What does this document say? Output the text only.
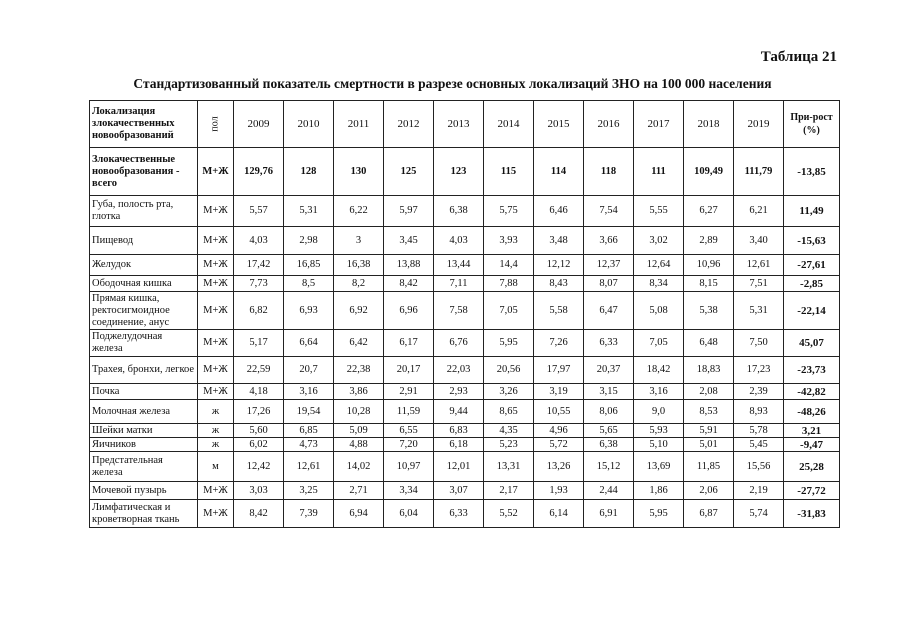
Таблица 21
Стандартизованный показатель смертности в разрезе основных локализаций ЗНО на 100 000 населения
Локализация злокачественных новообразований	пол	2009	2010	2011	2012	2013	2014	2015	2016	2017	2018	2019	При-рост (%)
Злокачественные новообразования - всего	М+Ж	129,76	128	130	125	123	115	114	118	111	109,49	111,79	-13,85
Губа, полость рта, глотка	М+Ж	5,57	5,31	6,22	5,97	6,38	5,75	6,46	7,54	5,55	6,27	6,21	11,49
Пищевод	М+Ж	4,03	2,98	3	3,45	4,03	3,93	3,48	3,66	3,02	2,89	3,40	-15,63
Желудок	М+Ж	17,42	16,85	16,38	13,88	13,44	14,4	12,12	12,37	12,64	10,96	12,61	-27,61
Ободочная кишка	М+Ж	7,73	8,5	8,2	8,42	7,11	7,88	8,43	8,07	8,34	8,15	7,51	-2,85
Прямая кишка, ректосигмоидное соединение, анус	М+Ж	6,82	6,93	6,92	6,96	7,58	7,05	5,58	6,47	5,08	5,38	5,31	-22,14
Поджелудочная железа	М+Ж	5,17	6,64	6,42	6,17	6,76	5,95	7,26	6,33	7,05	6,48	7,50	45,07
Трахея, бронхи, легкое	М+Ж	22,59	20,7	22,38	20,17	22,03	20,56	17,97	20,37	18,42	18,83	17,23	-23,73
Почка	М+Ж	4,18	3,16	3,86	2,91	2,93	3,26	3,19	3,15	3,16	2,08	2,39	-42,82
Молочная железа	ж	17,26	19,54	10,28	11,59	9,44	8,65	10,55	8,06	9,0	8,53	8,93	-48,26
Шейки матки	ж	5,60	6,85	5,09	6,55	6,83	4,35	4,96	5,65	5,93	5,91	5,78	3,21
Яичников	ж	6,02	4,73	4,88	7,20	6,18	5,23	5,72	6,38	5,10	5,01	5,45	-9,47
Предстательная железа	м	12,42	12,61	14,02	10,97	12,01	13,31	13,26	15,12	13,69	11,85	15,56	25,28
Мочевой пузырь	М+Ж	3,03	3,25	2,71	3,34	3,07	2,17	1,93	2,44	1,86	2,06	2,19	-27,72
Лимфатическая и кроветворная ткань	М+Ж	8,42	7,39	6,94	6,04	6,33	5,52	6,14	6,91	5,95	6,87	5,74	-31,83
